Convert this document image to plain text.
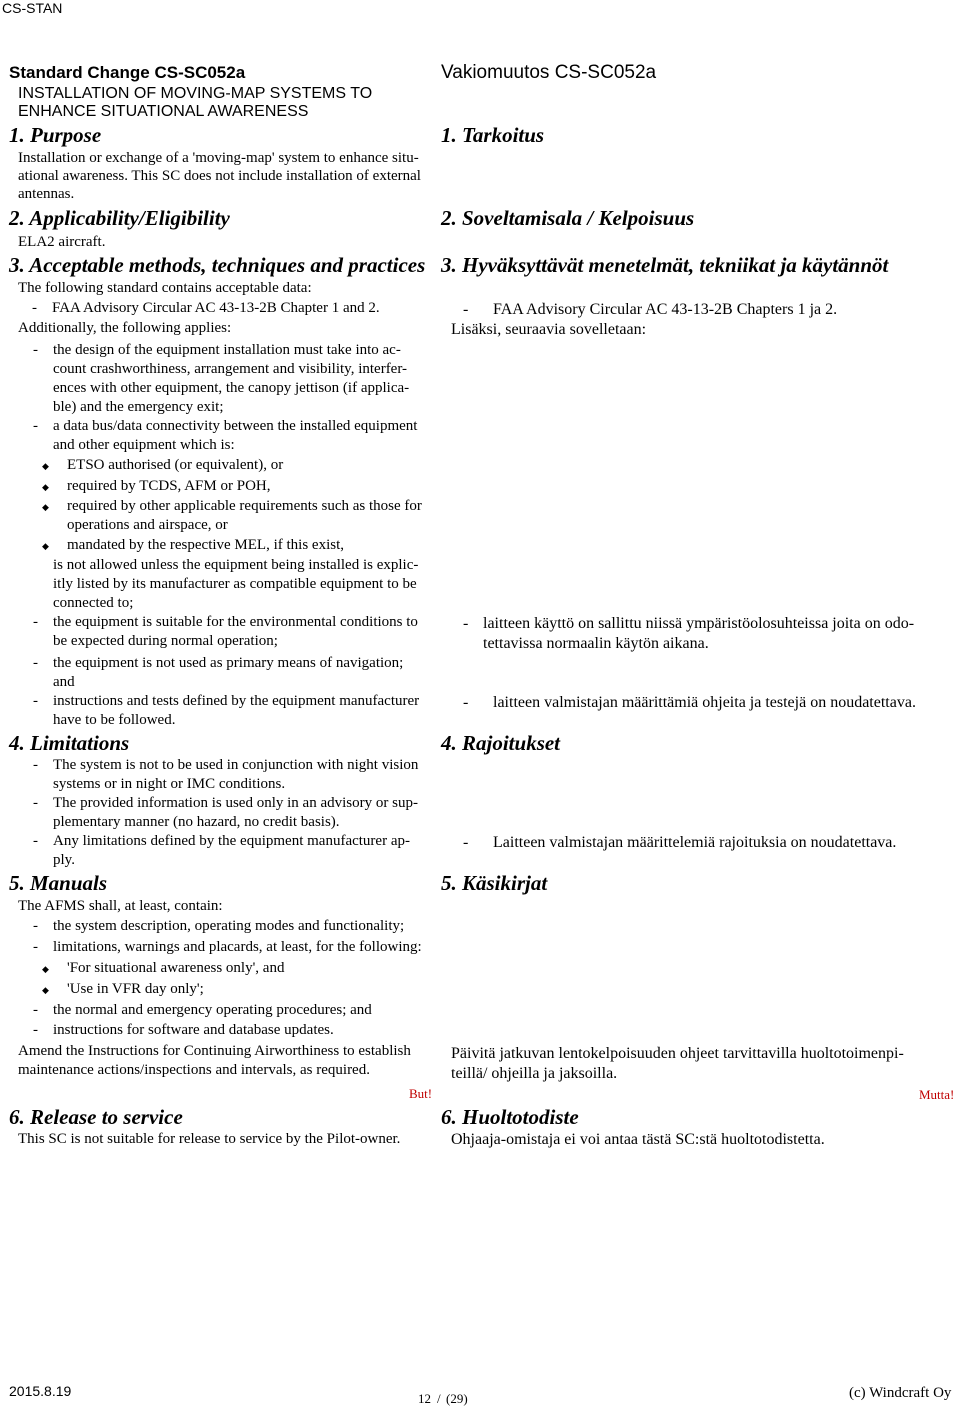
CS-STAN
Standard Change CS-SC052a
INSTALLATION OF MOVING-MAP SYSTEMS TO
ENHANCE SITUATIONAL AWARENESS
1. Purpose
Installation or exchange of a 'moving-map' system to enhance situ-
ational awareness. This SC does not include installation of external
antennas.
2. Applicability/Eligibility
ELA2 aircraft.
3. Acceptable methods, techniques and practices
The following standard contains acceptable data:
- FAA Advisory Circular AC 43-13-2B Chapter 1 and 2.
Additionally, the following applies:
- the design of the equipment installation must take into ac-
count crashworthiness, arrangement and visibility, interfer-
ences with other equipment, the canopy jettison (if applica-
ble) and the emergency exit;
- a data bus/data connectivity between the installed equipment
and other equipment which is:
◆ ETSO authorised (or equivalent), or
◆ required by TCDS, AFM or POH,
◆ required by other applicable requirements such as those for
operations and airspace, or
◆ mandated by the respective MEL, if this exist,
is not allowed unless the equipment being installed is explic-
itly listed by its manufacturer as compatible equipment to be
connected to;
- the equipment is suitable for the environmental conditions to
be expected during normal operation;
- the equipment is not used as primary means of navigation;
and
- instructions and tests defined by the equipment manufacturer
have to be followed.
4. Limitations
- The system is not to be used in conjunction with night vision
systems or in night or IMC conditions.
- The provided information is used only in an advisory or sup-
plementary manner (no hazard, no credit basis).
- Any limitations defined by the equipment manufacturer ap-
ply.
5. Manuals
The AFMS shall, at least, contain:
- the system description, operating modes and functionality;
- limitations, warnings and placards, at least, for the following:
◆ 'For situational awareness only', and
◆ 'Use in VFR day only';
- the normal and emergency operating procedures; and
- instructions for software and database updates.
Amend the Instructions for Continuing Airworthiness to establish
maintenance actions/inspections and intervals, as required.
But!
6. Release to service
This SC is not suitable for release to service by the Pilot-owner.
Vakiomuutos CS-SC052a
1. Tarkoitus
2. Soveltamisala / Kelpoisuus
3. Hyväksyttävät menetelmät, tekniikat ja käytännöt
- FAA Advisory Circular AC 43-13-2B Chapters 1 ja 2.
Lisäksi, seuraavia sovelletaan:
- laitteen käyttö on sallittu niissä ympäristöolosuhteissa joita on odo-
tettavissa normaalin käytön aikana.
- laitteen valmistajan määrittämiä ohjeita ja testejä on noudatettava.
4. Rajoitukset
- Laitteen valmistajan määrittelemiä rajoituksia on noudatettava.
5. Käsikirjat
Päivitä jatkuvan lentokelpoisuuden ohjeet tarvittavilla huoltotoimenpi-
teillä/ ohjeilla ja jaksoilla.
Mutta!
6. Huoltotodiste
Ohjaaja-omistaja ei voi antaa tästä SC:stä huoltotodistetta.
2015.8.19	12 / (29)	(c) Windcraft Oy
